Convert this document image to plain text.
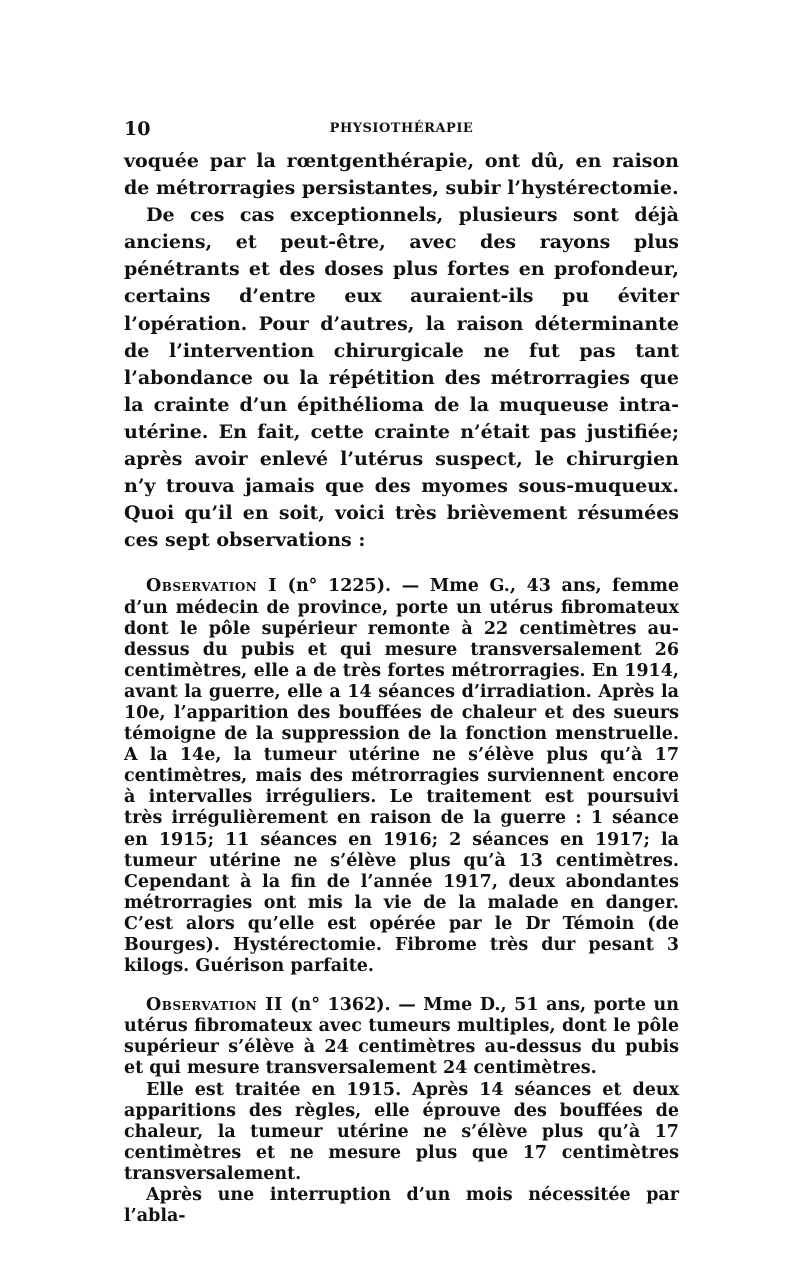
10	PHYSIOTHÉRAPIE

voquée par la rœntgenthérapie, ont dû, en raison de métrorragies persistantes, subir l’hystérectomie.

De ces cas exceptionnels, plusieurs sont déjà anciens, et peut-être, avec des rayons plus pénétrants et des doses plus fortes en profondeur, certains d’entre eux auraient-ils pu éviter l’opération. Pour d’autres, la raison déterminante de l’intervention chirurgicale ne fut pas tant l’abondance ou la répétition des métrorragies que la crainte d’un épithélioma de la muqueuse intra-utérine. En fait, cette crainte n’était pas justifiée; après avoir enlevé l’utérus suspect, le chirurgien n’y trouva jamais que des myomes sous-muqueux. Quoi qu’il en soit, voici très brièvement résumées ces sept observations :

Observation I (n° 1225). — Mme G., 43 ans, femme d’un médecin de province, porte un utérus fibromateux dont le pôle supérieur remonte à 22 centimètres au-dessus du pubis et qui mesure transversalement 26 centimètres, elle a de très fortes métrorragies. En 1914, avant la guerre, elle a 14 séances d’irradiation. Après la 10e, l’apparition des bouffées de chaleur et des sueurs témoigne de la suppression de la fonction menstruelle. A la 14e, la tumeur utérine ne s’élève plus qu’à 17 centimètres, mais des métrorragies surviennent encore à intervalles irréguliers. Le traitement est poursuivi très irrégulièrement en raison de la guerre : 1 séance en 1915; 11 séances en 1916; 2 séances en 1917; la tumeur utérine ne s’élève plus qu’à 13 centimètres. Cependant à la fin de l’année 1917, deux abondantes métrorragies ont mis la vie de la malade en danger. C’est alors qu’elle est opérée par le Dr Témoin (de Bourges). Hystérectomie. Fibrome très dur pesant 3 kilogs. Guérison parfaite.

Observation II (n° 1362). — Mme D., 51 ans, porte un utérus fibromateux avec tumeurs multiples, dont le pôle supérieur s’élève à 24 centimètres au-dessus du pubis et qui mesure transversalement 24 centimètres.

Elle est traitée en 1915. Après 14 séances et deux apparitions des règles, elle éprouve des bouffées de chaleur, la tumeur utérine ne s’élève plus qu’à 17 centimètres et ne mesure plus que 17 centimètres transversalement.

Après une interruption d’un mois nécessitée par l’abla-
